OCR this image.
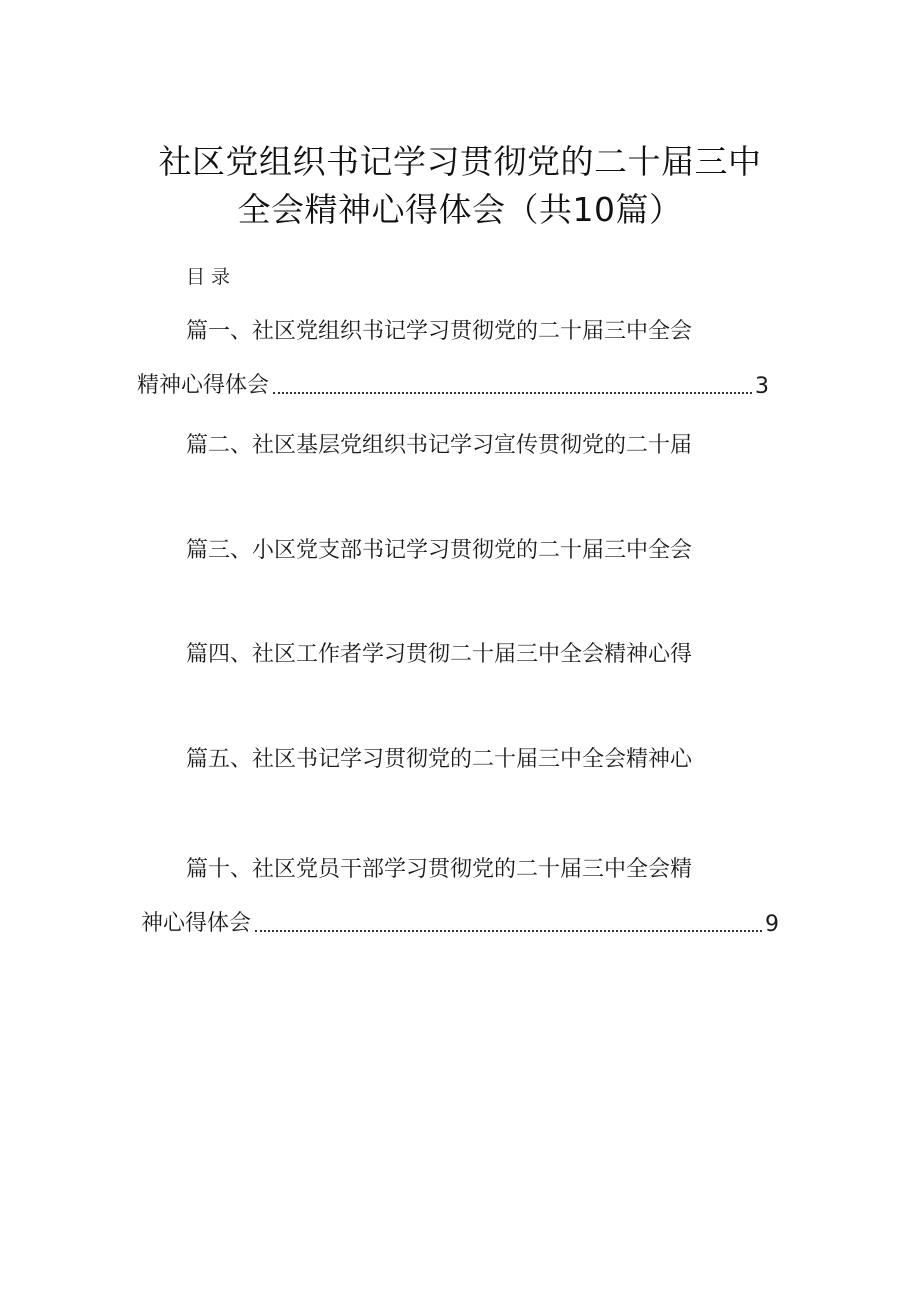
社区党组织书记学习贯彻党的二十届三中
全会精神心得体会（共10篇）
目录
篇一、社区党组织书记学习贯彻党的二十届三中全会
精神心得体会	3
篇二、社区基层党组织书记学习宣传贯彻党的二十届
篇三、小区党支部书记学习贯彻党的二十届三中全会
篇四、社区工作者学习贯彻二十届三中全会精神心得
篇五、社区书记学习贯彻党的二十届三中全会精神心
篇十、社区党员干部学习贯彻党的二十届三中全会精
神心得体会	9
